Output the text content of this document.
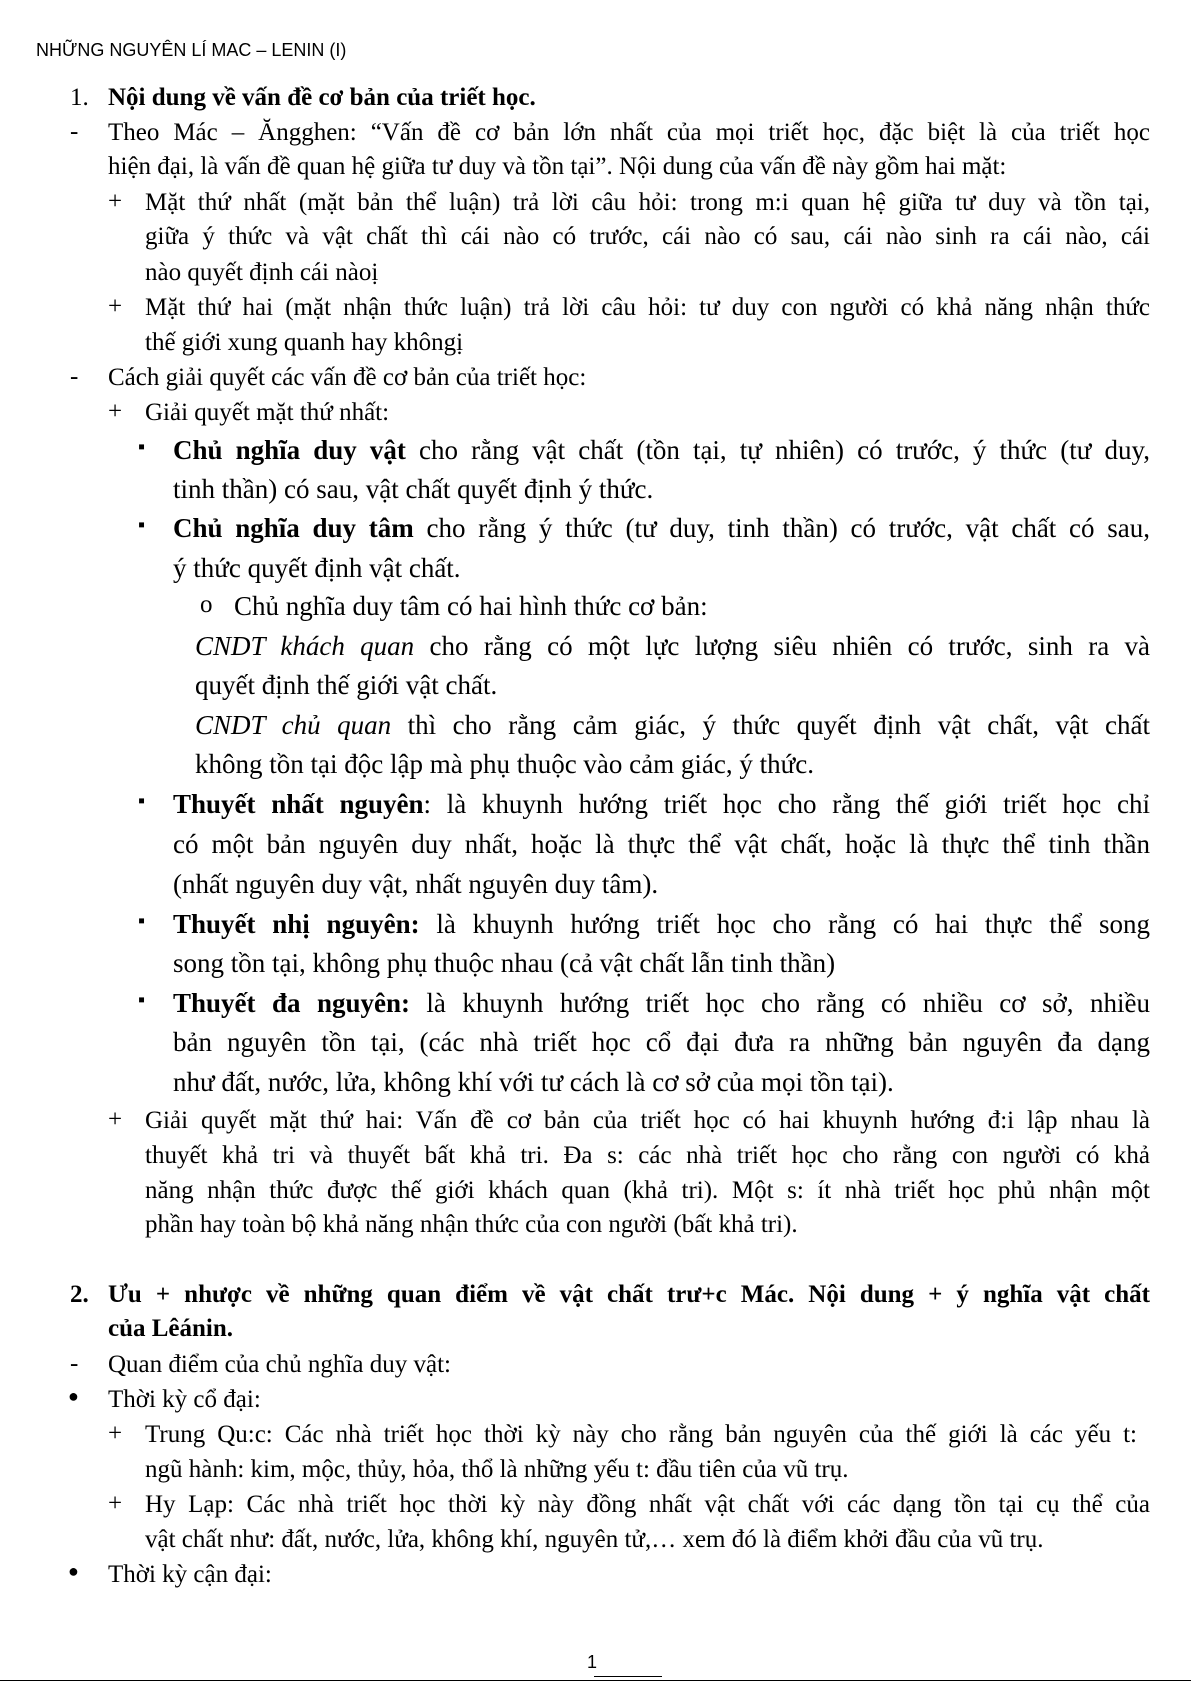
NHỮNG NGUYÊN LÍ MAC – LENIN (I)
1. Nội dung về vấn đề cơ bản của triết học.
- Theo Mác – Ăngghen: “Vấn đề cơ bản lớn nhất của mọi triết học, đặc biệt là của triết học
hiện đại, là vấn đề quan hệ giữa tư duy và tồn tại”. Nội dung của vấn đề này gồm hai mặt:
+ Mặt thứ nhất (mặt bản thể luận) trả lời câu hỏi: trong m:i quan hệ giữa tư duy và tồn tại,
giữa ý thức và vật chất thì cái nào có trước, cái nào có sau, cái nào sinh ra cái nào, cái
nào quyết định cái nàoị
+ Mặt thứ hai (mặt nhận thức luận) trả lời câu hỏi: tư duy con người có khả năng nhận thức
thế giới xung quanh hay khôngị
- Cách giải quyết các vấn đề cơ bản của triết học:
+ Giải quyết mặt thứ nhất:
▪ Chủ nghĩa duy vật cho rằng vật chất (tồn tại, tự nhiên) có trước, ý thức (tư duy,
tinh thần) có sau, vật chất quyết định ý thức.
▪ Chủ nghĩa duy tâm cho rằng ý thức (tư duy, tinh thần) có trước, vật chất có sau,
ý thức quyết định vật chất.
o Chủ nghĩa duy tâm có hai hình thức cơ bản:
CNDT khách quan cho rằng có một lực lượng siêu nhiên có trước, sinh ra và
quyết định thế giới vật chất.
CNDT chủ quan thì cho rằng cảm giác, ý thức quyết định vật chất, vật chất
không tồn tại độc lập mà phụ thuộc vào cảm giác, ý thức.
▪ Thuyết nhất nguyên: là khuynh hướng triết học cho rằng thế giới triết học chỉ
có một bản nguyên duy nhất, hoặc là thực thể vật chất, hoặc là thực thể tinh thần
(nhất nguyên duy vật, nhất nguyên duy tâm).
▪ Thuyết nhị nguyên: là khuynh hướng triết học cho rằng có hai thực thể song
song tồn tại, không phụ thuộc nhau (cả vật chất lẫn tinh thần)
▪ Thuyết đa nguyên: là khuynh hướng triết học cho rằng có nhiều cơ sở, nhiều
bản nguyên tồn tại, (các nhà triết học cổ đại đưa ra những bản nguyên đa dạng
như đất, nước, lửa, không khí với tư cách là cơ sở của mọi tồn tại).
+ Giải quyết mặt thứ hai: Vấn đề cơ bản của triết học có hai khuynh hướng đ:i lập nhau là
thuyết khả tri và thuyết bất khả tri. Đa s: các nhà triết học cho rằng con người có khả
năng nhận thức được thế giới khách quan (khả tri). Một s: ít nhà triết học phủ nhận một
phần hay toàn bộ khả năng nhận thức của con người (bất khả tri).
2. Ưu + nhược về những quan điểm về vật chất trư+c Mác. Nội dung + ý nghĩa vật chất
của Lêánin.
- Quan điểm của chủ nghĩa duy vật:
● Thời kỳ cổ đại:
+ Trung Qu:c: Các nhà triết học thời kỳ này cho rằng bản nguyên của thế giới là các yếu t:
ngũ hành: kim, mộc, thủy, hỏa, thổ là những yếu t: đầu tiên của vũ trụ.
+ Hy Lạp: Các nhà triết học thời kỳ này đồng nhất vật chất với các dạng tồn tại cụ thể của
vật chất như: đất, nước, lửa, không khí, nguyên tử,… xem đó là điểm khởi đầu của vũ trụ.
● Thời kỳ cận đại:
1
